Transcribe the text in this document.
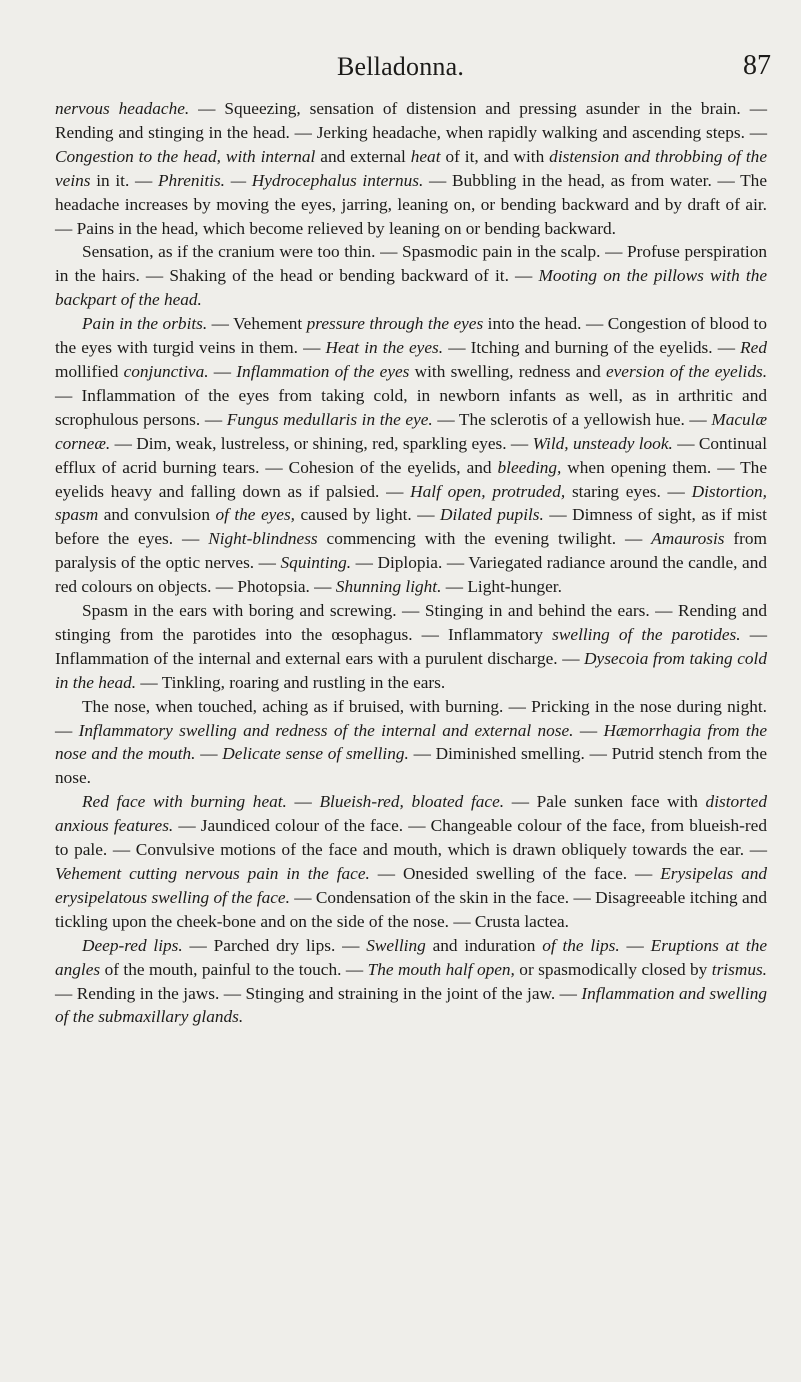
Belladonna.	87

nervous headache. — Squeezing, sensation of distension and pressing asunder in the brain. — Rending and stinging in the head. — Jerking headache, when rapidly walking and ascending steps. — Congestion to the head, with internal and external heat of it, and with distension and throbbing of the veins in it. — Phrenitis. — Hydrocephalus internus. — Bubbling in the head, as from water. — The headache increases by moving the eyes, jarring, leaning on, or bending backward and by draft of air. — Pains in the head, which become relieved by leaning on or bending backward.

Sensation, as if the cranium were too thin. — Spasmodic pain in the scalp. — Profuse perspiration in the hairs. — Shaking of the head or bending backward of it. — Mooting on the pillows with the backpart of the head.

Pain in the orbits. — Vehement pressure through the eyes into the head. — Congestion of blood to the eyes with turgid veins in them. — Heat in the eyes. — Itching and burning of the eyelids. — Red mollified conjunctiva. — Inflammation of the eyes with swelling, redness and eversion of the eyelids. — Inflammation of the eyes from taking cold, in newborn infants as well, as in arthritic and scrophulous persons. — Fungus medullaris in the eye. — The sclerotis of a yellowish hue. — Maculæ corneæ. — Dim, weak, lustreless, or shining, red, sparkling eyes. — Wild, unsteady look. — Continual efflux of acrid burning tears. — Cohesion of the eyelids, and bleeding, when opening them. — The eyelids heavy and falling down as if palsied. — Half open, protruded, staring eyes. — Distortion, spasm and convulsion of the eyes, caused by light. — Dilated pupils. — Dimness of sight, as if mist before the eyes. — Night-blindness commencing with the evening twilight. — Amaurosis from paralysis of the optic nerves. — Squinting. — Diplopia. — Variegated radiance around the candle, and red colours on objects. — Photopsia. — Shunning light. — Light-hunger.

Spasm in the ears with boring and screwing. — Stinging in and behind the ears. — Rending and stinging from the parotides into the œsophagus. — Inflammatory swelling of the parotides. — Inflammation of the internal and external ears with a purulent discharge. — Dysecoia from taking cold in the head. — Tinkling, roaring and rustling in the ears.

The nose, when touched, aching as if bruised, with burning. — Pricking in the nose during night. — Inflammatory swelling and redness of the internal and external nose. — Hæmorrhagia from the nose and the mouth. — Delicate sense of smelling. — Diminished smelling. — Putrid stench from the nose.

Red face with burning heat. — Blueish-red, bloated face. — Pale sunken face with distorted anxious features. — Jaundiced colour of the face. — Changeable colour of the face, from blueish-red to pale. — Convulsive motions of the face and mouth, which is drawn obliquely towards the ear. — Vehement cutting nervous pain in the face. — Onesided swelling of the face. — Erysipelas and erysipelatous swelling of the face. — Condensation of the skin in the face. — Disagreeable itching and tickling upon the cheek-bone and on the side of the nose. — Crusta lactea.

Deep-red lips. — Parched dry lips. — Swelling and induration of the lips. — Eruptions at the angles of the mouth, painful to the touch. — The mouth half open, or spasmodically closed by trismus. — Rending in the jaws. — Stinging and straining in the joint of the jaw. — Inflammation and swelling of the submaxillary glands.
